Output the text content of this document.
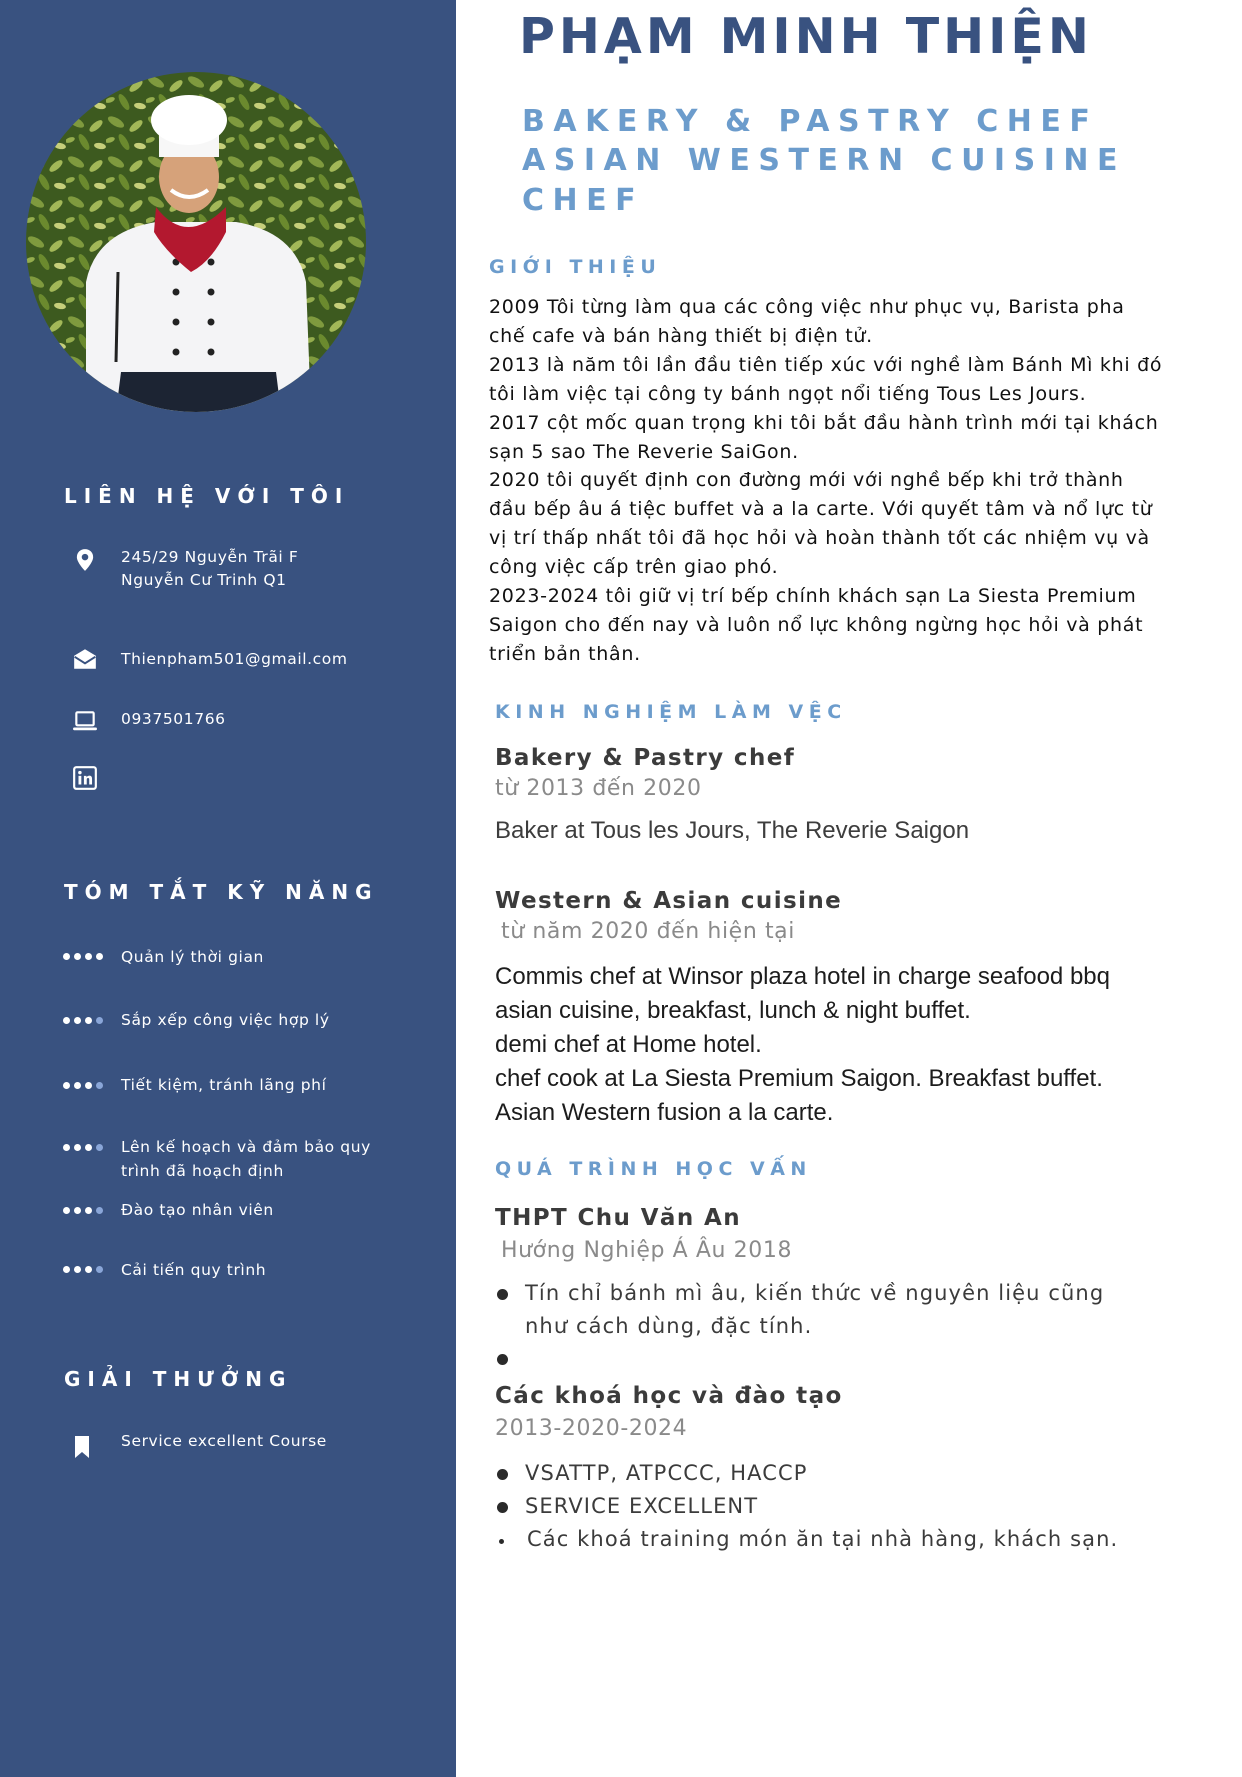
LIÊN HỆ VỚI TÔI
245/29 Nguyễn Trãi F
Nguyễn Cư Trinh Q1
Thienpham501@gmail.com
0937501766
TÓM TẮT KỸ NĂNG
Quản lý thời gian
Sắp xếp công việc hợp lý
Tiết kiệm, tránh lãng phí
Lên kế hoạch và đảm bảo quy
trình đã hoạch định
Đào tạo nhân viên
Cải tiến quy trình
GIẢI THƯỞNG
Service excellent Course
PHẠM MINH THIỆN
BAKERY & PASTRY CHEF
ASIAN WESTERN CUISINE
CHEF
GIỚI THIỆU
2009 Tôi từng làm qua các công việc như phục vụ, Barista pha
chế cafe và bán hàng thiết bị điện tử.
2013 là năm tôi lần đầu tiên tiếp xúc với nghề làm Bánh Mì khi đó
tôi làm việc tại công ty bánh ngọt nổi tiếng Tous Les Jours.
2017 cột mốc quan trọng khi tôi bắt đầu hành trình mới tại khách
sạn 5 sao The Reverie SaiGon.
2020 tôi quyết định con đường mới với nghề bếp khi trở thành
đầu bếp âu á tiệc buffet và a la carte. Với quyết tâm và nổ lực từ
vị trí thấp nhất tôi đã học hỏi và hoàn thành tốt các nhiệm vụ và
công việc cấp trên giao phó.
2023-2024 tôi giữ vị trí bếp chính khách sạn La Siesta Premium
Saigon cho đến nay và luôn nổ lực không ngừng học hỏi và phát
triển bản thân.
KINH NGHIỆM LÀM VỆC
Bakery & Pastry chef
từ 2013 đến 2020
Baker at Tous les Jours, The Reverie Saigon
Western & Asian cuisine
từ năm 2020 đến hiện tại
Commis chef at Winsor plaza hotel in charge seafood bbq
asian cuisine, breakfast, lunch & night buffet.
demi chef at Home hotel.
chef cook at La Siesta Premium Saigon. Breakfast buffet.
Asian Western fusion a la carte.
QUÁ TRÌNH HỌC VẤN
THPT Chu Văn An
Hướng Nghiệp Á Âu 2018
Tín chỉ bánh mì âu, kiến thức về nguyên liệu cũng
như cách dùng, đặc tính.
Các khoá học và đào tạo
2013-2020-2024
VSATTP, ATPCCC, HACCP
SERVICE EXCELLENT
Các khoá training món ăn tại nhà hàng, khách sạn.
